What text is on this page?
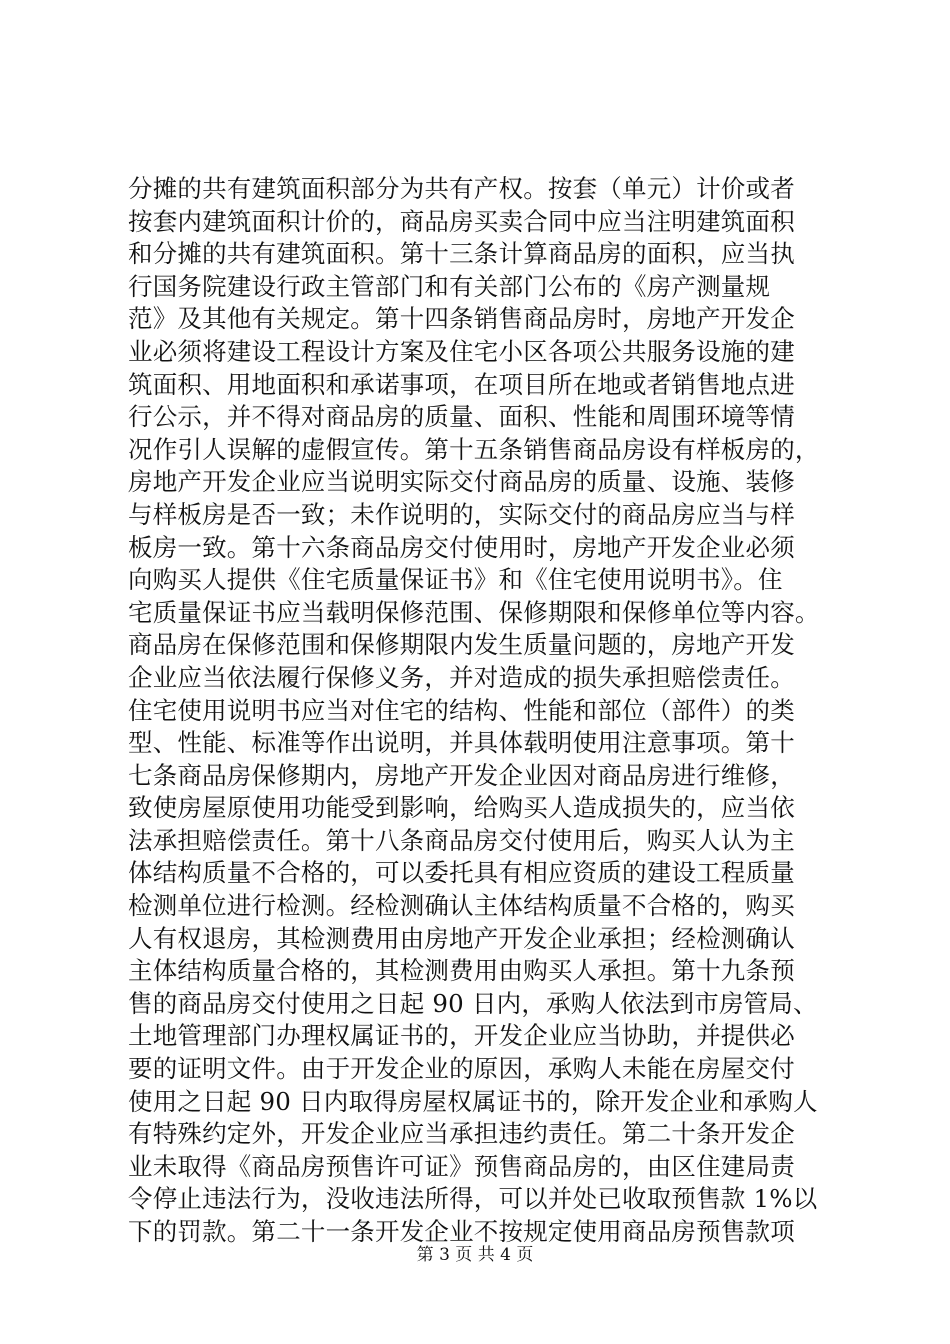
分摊的共有建筑面积部分为共有产权。按套（单元）计价或者
按套内建筑面积计价的，商品房买卖合同中应当注明建筑面积
和分摊的共有建筑面积。第十三条计算商品房的面积，应当执
行国务院建设行政主管部门和有关部门公布的《房产测量规
范》及其他有关规定。第十四条销售商品房时，房地产开发企
业必须将建设工程设计方案及住宅小区各项公共服务设施的建
筑面积、用地面积和承诺事项，在项目所在地或者销售地点进
行公示，并不得对商品房的质量、面积、性能和周围环境等情
况作引人误解的虚假宣传。第十五条销售商品房设有样板房的，
房地产开发企业应当说明实际交付商品房的质量、设施、装修
与样板房是否一致；未作说明的，实际交付的商品房应当与样
板房一致。第十六条商品房交付使用时，房地产开发企业必须
向购买人提供《住宅质量保证书》和《住宅使用说明书》。住
宅质量保证书应当载明保修范围、保修期限和保修单位等内容。
商品房在保修范围和保修期限内发生质量问题的，房地产开发
企业应当依法履行保修义务，并对造成的损失承担赔偿责任。
住宅使用说明书应当对住宅的结构、性能和部位（部件）的类
型、性能、标准等作出说明，并具体载明使用注意事项。第十
七条商品房保修期内，房地产开发企业因对商品房进行维修，
致使房屋原使用功能受到影响，给购买人造成损失的，应当依
法承担赔偿责任。第十八条商品房交付使用后，购买人认为主
体结构质量不合格的，可以委托具有相应资质的建设工程质量
检测单位进行检测。经检测确认主体结构质量不合格的，购买
人有权退房，其检测费用由房地产开发企业承担；经检测确认
主体结构质量合格的，其检测费用由购买人承担。第十九条预
售的商品房交付使用之日起 90 日内，承购人依法到市房管局、
土地管理部门办理权属证书的，开发企业应当协助，并提供必
要的证明文件。由于开发企业的原因，承购人未能在房屋交付
使用之日起 90 日内取得房屋权属证书的，除开发企业和承购人
有特殊约定外，开发企业应当承担违约责任。第二十条开发企
业未取得《商品房预售许可证》预售商品房的，由区住建局责
令停止违法行为，没收违法所得，可以并处已收取预售款 1%以
下的罚款。第二十一条开发企业不按规定使用商品房预售款项
第 3 页 共 4 页
